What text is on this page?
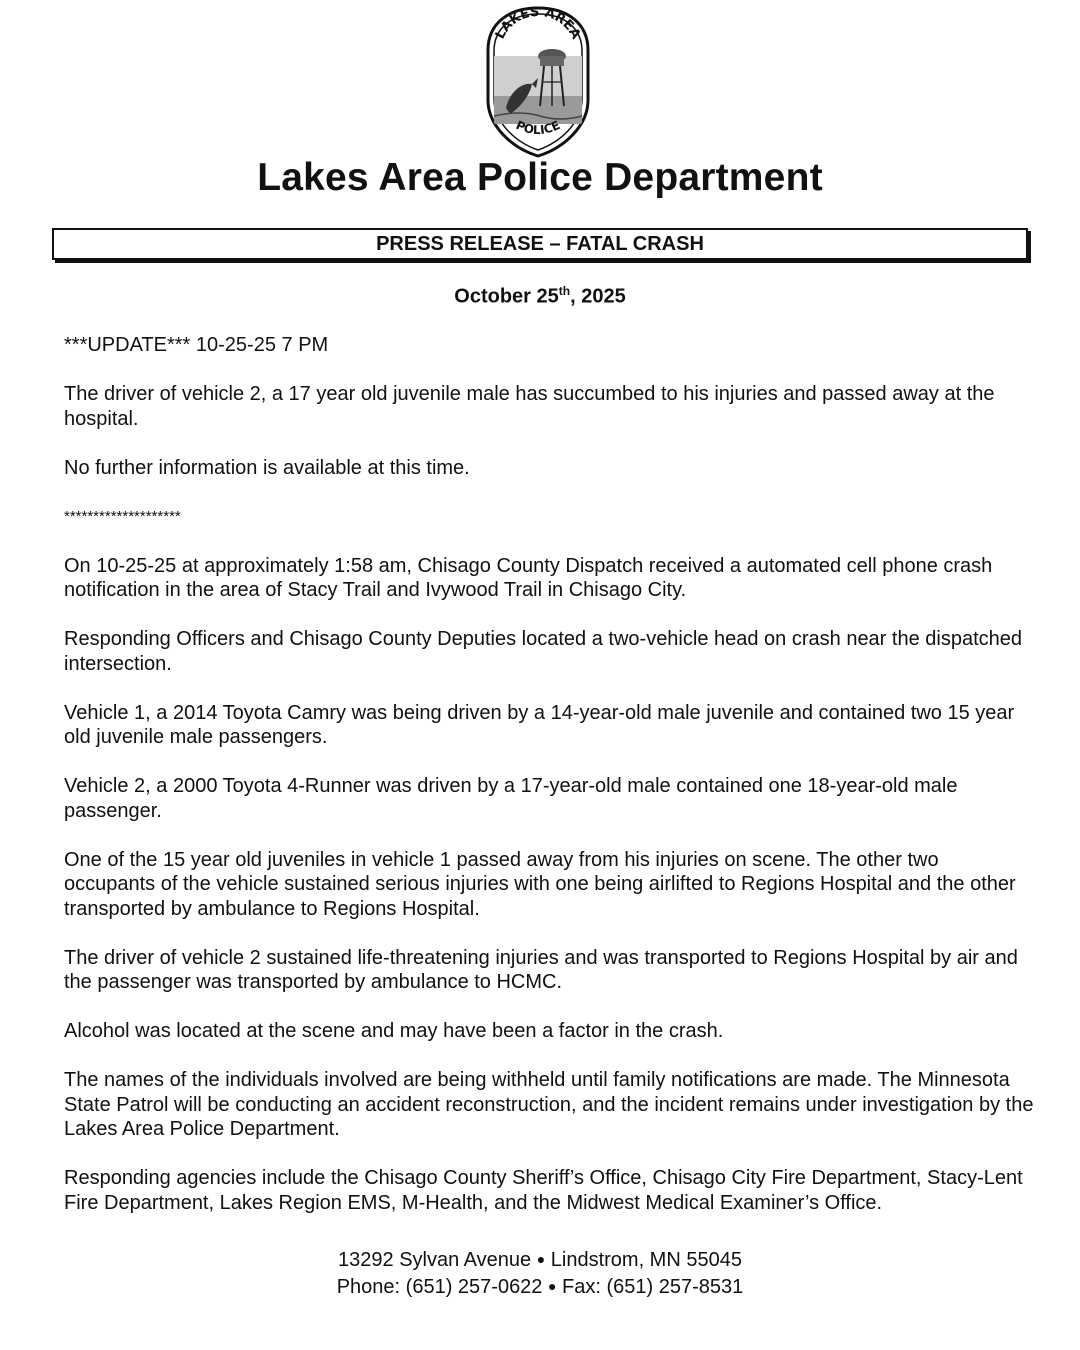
LAKES AREA
POLICE
Lakes Area Police Department
PRESS RELEASE – FATAL CRASH
October 25th, 2025

***UPDATE*** 10-25-25 7 PM

The driver of vehicle 2, a 17 year old juvenile male has succumbed to his injuries and passed away at the hospital.

No further information is available at this time.

********************

On 10-25-25 at approximately 1:58 am, Chisago County Dispatch received a automated cell phone crash notification in the area of Stacy Trail and Ivywood Trail in Chisago City.

Responding Officers and Chisago County Deputies located a two-vehicle head on crash near the dispatched intersection.

Vehicle 1, a 2014 Toyota Camry was being driven by a 14-year-old male juvenile and contained two 15 year old juvenile male passengers.

Vehicle 2, a 2000 Toyota 4-Runner was driven by a 17-year-old male contained one 18-year-old male passenger.

One of the 15 year old juveniles in vehicle 1 passed away from his injuries on scene. The other two occupants of the vehicle sustained serious injuries with one being airlifted to Regions Hospital and the other transported by ambulance to Regions Hospital.

The driver of vehicle 2 sustained life-threatening injuries and was transported to Regions Hospital by air and the passenger was transported by ambulance to HCMC.

Alcohol was located at the scene and may have been a factor in the crash.

The names of the individuals involved are being withheld until family notifications are made. The Minnesota State Patrol will be conducting an accident reconstruction, and the incident remains under investigation by the Lakes Area Police Department.

Responding agencies include the Chisago County Sheriff’s Office, Chisago City Fire Department, Stacy-Lent Fire Department, Lakes Region EMS, M-Health, and the Midwest Medical Examiner’s Office.

13292 Sylvan Avenue ● Lindstrom, MN 55045
Phone: (651) 257-0622 ● Fax: (651) 257-8531
